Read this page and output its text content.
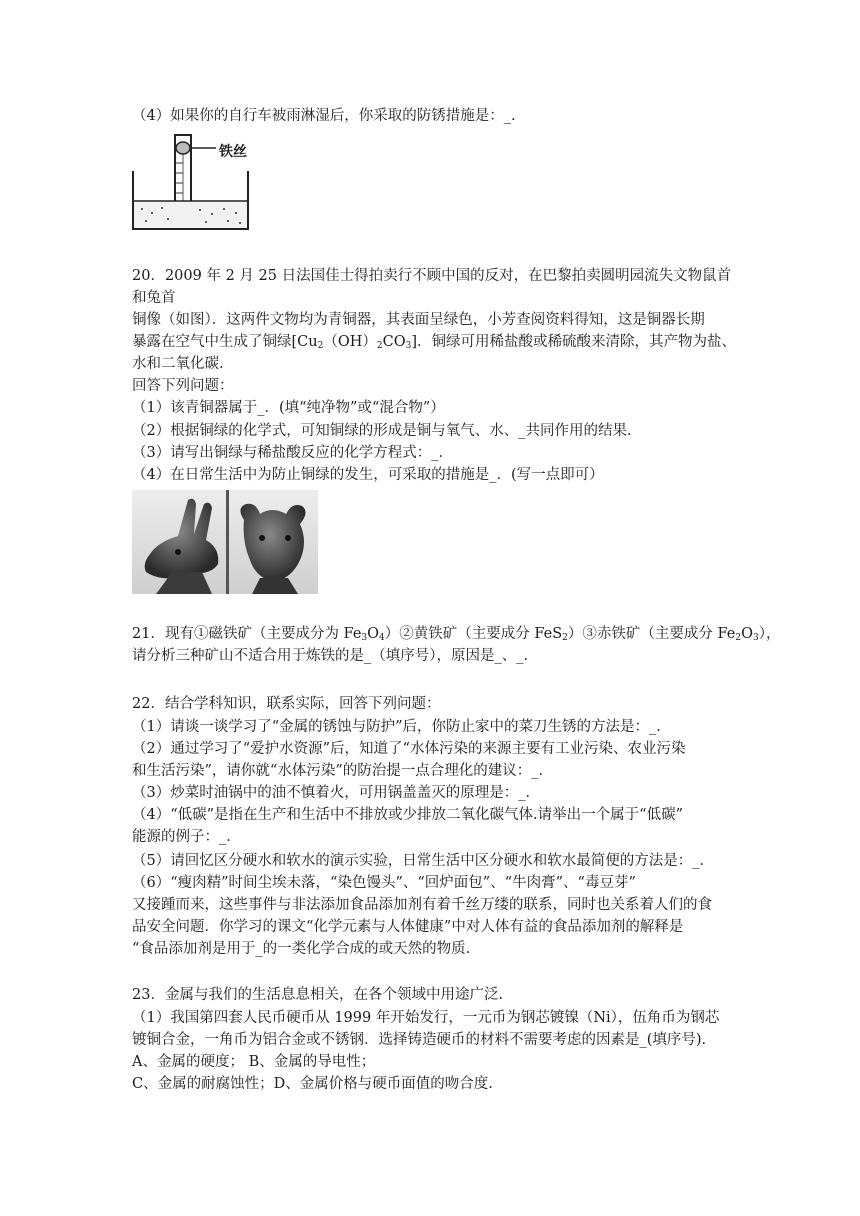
（4）如果你的自行车被雨淋湿后，你采取的防锈措施是：_.
铁丝
20．2009 年 2 月 25 日法国佳士得拍卖行不顾中国的反对，在巴黎拍卖圆明园流失文物鼠首
和兔首
铜像（如图）．这两件文物均为青铜器，其表面呈绿色，小芳查阅资料得知，这是铜器长期
暴露在空气中生成了铜绿$[Cu_2(OH)_2CO_3]$．铜绿可用稀盐酸或稀硫酸来清除，其产物为盐、
水和二氧化碳．
回答下列问题：
（1）该青铜器属于_．(填“纯净物”或“混合物”）
（2）根据铜绿的化学式，可知铜绿的形成是铜与氧气、水、_共同作用的结果．
（3）请写出铜绿与稀盐酸反应的化学方程式：_．
（4）在日常生活中为防止铜绿的发生，可采取的措施是_．(写一点即可）
21．现有①磁铁矿（主要成分为 $Fe_3O_4)②$黄铁矿（主要成分 FeS$_2$）③赤铁矿（主要成分 $Fe_2O_3$），
请分析三种矿山不适合用于炼铁的是_（填序号），原因是_、_.
22．结合学科知识，联系实际，回答下列问题：
（1）请谈一谈学习了“金属的锈蚀与防护”后，你防止家中的菜刀生锈的方法是：_．
（2）通过学习了“爱护水资源”后，知道了“水体污染的来源主要有工业污染、农业污染
和生活污染”，请你就“水体污染”的防治提一点合理化的建议：_．
（3）炒菜时油锅中的油不慎着火，可用锅盖盖灭的原理是：_．
（4）“低碳”是指在生产和生活中不排放或少排放二氧化碳气体.请举出一个属于“低碳”
能源的例子：_．
（5）请回忆区分硬水和软水的演示实验，日常生活中区分硬水和软水最简便的方法是：_．
（6）“瘦肉精”时间尘埃未落，“染色馒头”、“回炉面包”、“牛肉膏”、“毒豆芽”
又接踵而来，这些事件与非法添加食品添加剂有着千丝万缕的联系，同时也关系着人们的食
品安全问题．你学习的课文“化学元素与人体健康”中对人体有益的食品添加剂的解释是
“食品添加剂是用于_的一类化学合成的或天然的物质.
23．金属与我们的生活息息相关，在各个领域中用途广泛.
（1）我国第四套人民币硬币从 1999 年开始发行，一元币为钢芯镀镍（Ni），伍角币为钢芯
镀铜合金，一角币为铝合金或不锈钢．选择铸造硬币的材料不需要考虑的因素是_(填序号).
A、金属的硬度； B、金属的导电性；
C、金属的耐腐蚀性；D、金属价格与硬币面值的吻合度.
